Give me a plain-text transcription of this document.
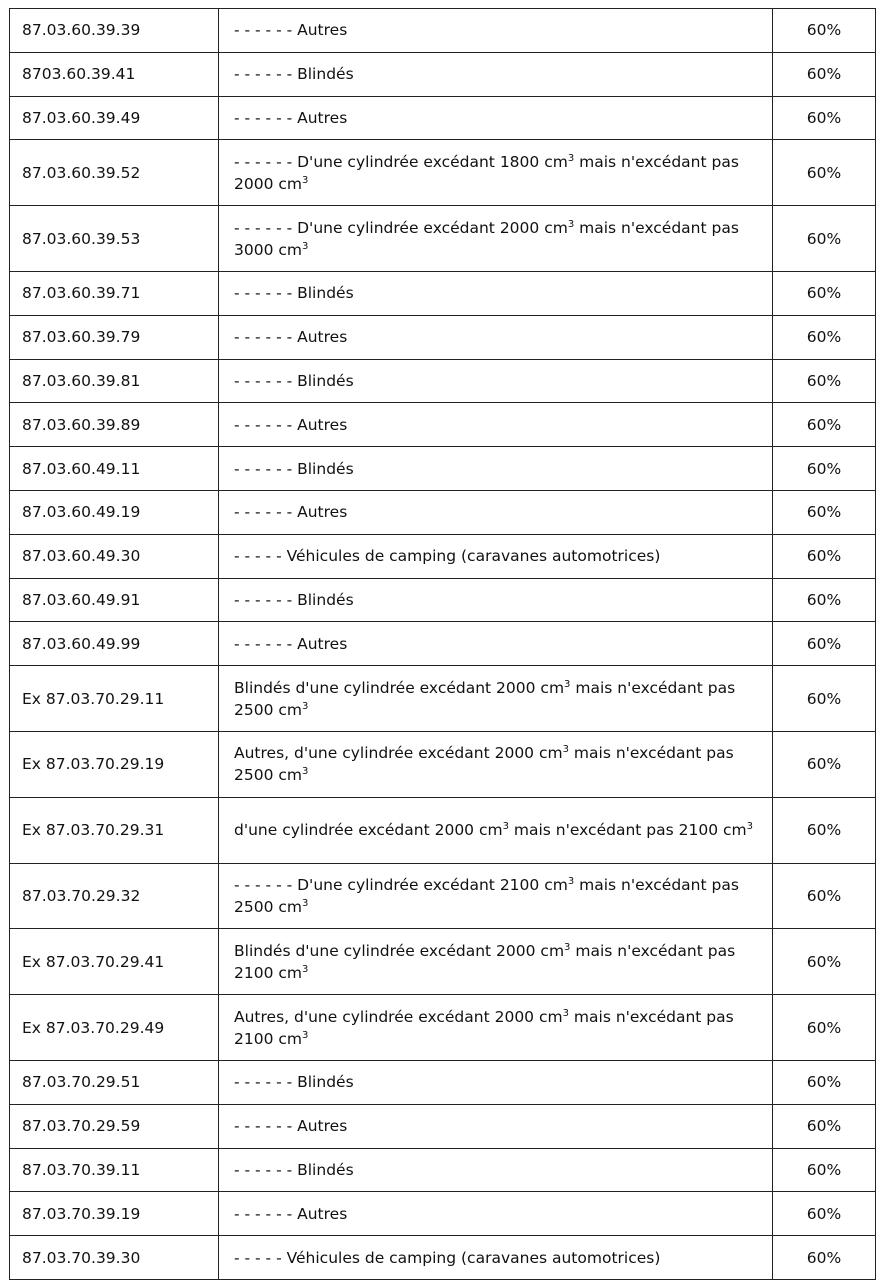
87.03.60.39.39	- - - - - - Autres	60%
8703.60.39.41	- - - - - - Blindés	60%
87.03.60.39.49	- - - - - - Autres	60%
87.03.60.39.52	- - - - - - D'une cylindrée excédant 1800 $cm^3$ mais n'excédant pas 2000 $cm^3$	60%
87.03.60.39.53	- - - - - - D'une cylindrée excédant 2000 $cm^3$ mais n'excédant pas 3000 $cm^3$	60%
87.03.60.39.71	- - - - - - Blindés	60%
87.03.60.39.79	- - - - - - Autres	60%
87.03.60.39.81	- - - - - - Blindés	60%
87.03.60.39.89	- - - - - - Autres	60%
87.03.60.49.11	- - - - - - Blindés	60%
87.03.60.49.19	- - - - - - Autres	60%
87.03.60.49.30	- - - - - Véhicules de camping (caravanes automotrices)	60%
87.03.60.49.91	- - - - - - Blindés	60%
87.03.60.49.99	- - - - - - Autres	60%
Ex 87.03.70.29.11	Blindés d'une cylindrée excédant 2000 $cm^3$ mais n'excédant pas 2500 $cm^3$	60%
Ex 87.03.70.29.19	Autres, d'une cylindrée excédant 2000 $cm^3$ mais n'excédant pas 2500 $cm^3$	60%
Ex 87.03.70.29.31	d'une cylindrée excédant 2000 $cm^3$ mais n'excédant pas 2100 $cm^3$	60%
87.03.70.29.32	- - - - - - D'une cylindrée excédant 2100 $cm^3$ mais n'excédant pas 2500 $cm^3$	60%
Ex 87.03.70.29.41	Blindés d'une cylindrée excédant 2000 $cm^3$ mais n'excédant pas 2100 $cm^3$	60%
Ex 87.03.70.29.49	Autres, d'une cylindrée excédant 2000 $cm^3$ mais n'excédant pas 2100 $cm^3$	60%
87.03.70.29.51	- - - - - - Blindés	60%
87.03.70.29.59	- - - - - - Autres	60%
87.03.70.39.11	- - - - - - Blindés	60%
87.03.70.39.19	- - - - - - Autres	60%
87.03.70.39.30	- - - - - Véhicules de camping (caravanes automotrices)	60%
